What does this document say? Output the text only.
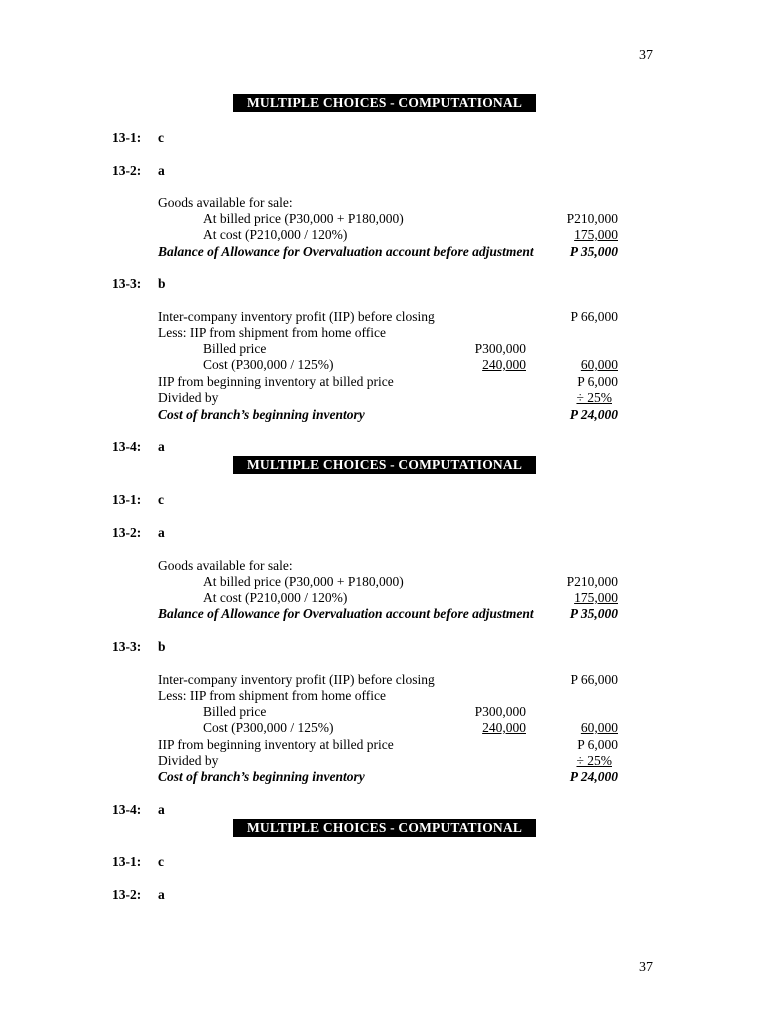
37
MULTIPLE CHOICES - COMPUTATIONAL
13-1: c
13-2: a
Goods available for sale:
At billed price (P30,000 + P180,000)	P210,000
At cost (P210,000 / 120%)	175,000
Balance of Allowance for Overvaluation account before adjustment	P 35,000
13-3: b
Inter-company inventory profit (IIP) before closing	P 66,000
Less: IIP from shipment from home office
Billed price	P300,000
Cost (P300,000 / 125%)	240,000	60,000
IIP from beginning inventory at billed price	P 6,000
Divided by	÷ 25%
Cost of branch’s beginning inventory	P 24,000
13-4: a
MULTIPLE CHOICES - COMPUTATIONAL
13-1: c
13-2: a
Goods available for sale:
At billed price (P30,000 + P180,000)	P210,000
At cost (P210,000 / 120%)	175,000
Balance of Allowance for Overvaluation account before adjustment	P 35,000
13-3: b
Inter-company inventory profit (IIP) before closing	P 66,000
Less: IIP from shipment from home office
Billed price	P300,000
Cost (P300,000 / 125%)	240,000	60,000
IIP from beginning inventory at billed price	P 6,000
Divided by	÷ 25%
Cost of branch’s beginning inventory	P 24,000
13-4: a
MULTIPLE CHOICES - COMPUTATIONAL
13-1: c
13-2: a
37
